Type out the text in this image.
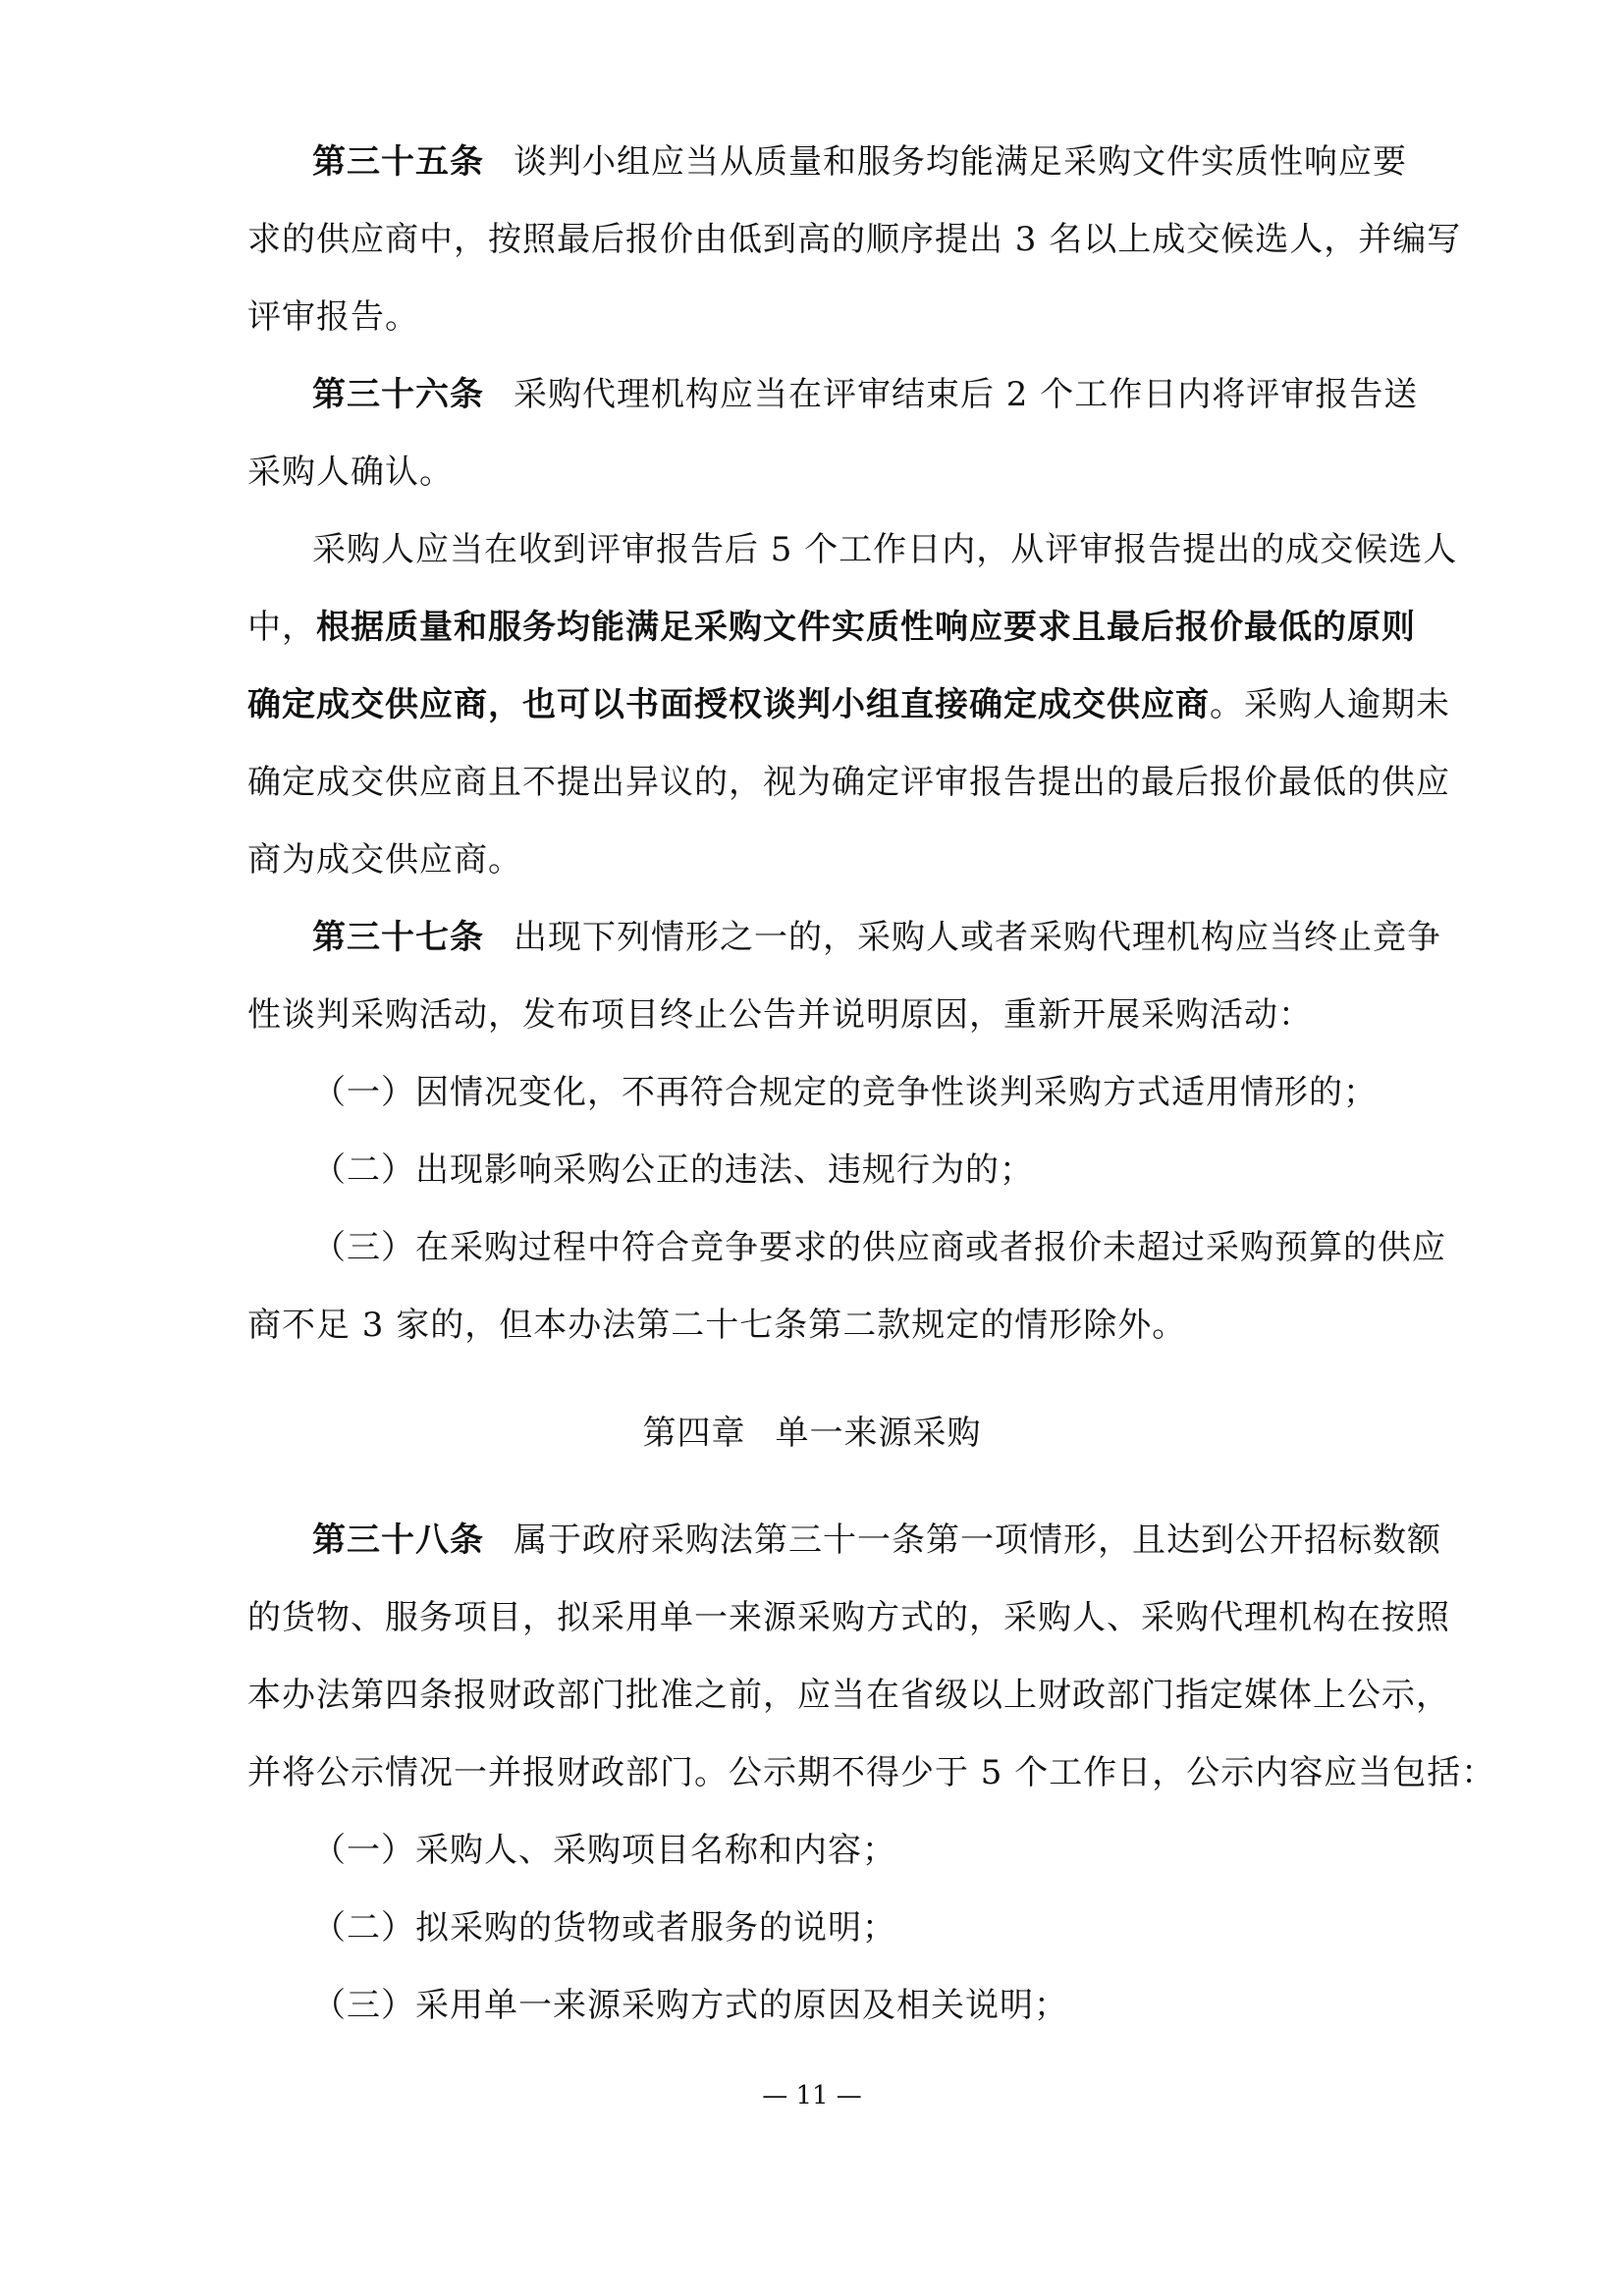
第三十五条 谈判小组应当从质量和服务均能满足采购文件实质性响应要
求的供应商中，按照最后报价由低到高的顺序提出 3 名以上成交候选人，并编写
评审报告。
第三十六条 采购代理机构应当在评审结束后 2 个工作日内将评审报告送
采购人确认。
采购人应当在收到评审报告后 5 个工作日内，从评审报告提出的成交候选人
中，根据质量和服务均能满足采购文件实质性响应要求且最后报价最低的原则
确定成交供应商，也可以书面授权谈判小组直接确定成交供应商。采购人逾期未
确定成交供应商且不提出异议的，视为确定评审报告提出的最后报价最低的供应
商为成交供应商。
第三十七条 出现下列情形之一的，采购人或者采购代理机构应当终止竞争
性谈判采购活动，发布项目终止公告并说明原因，重新开展采购活动：
（一）因情况变化，不再符合规定的竞争性谈判采购方式适用情形的；
（二）出现影响采购公正的违法、违规行为的；
（三）在采购过程中符合竞争要求的供应商或者报价未超过采购预算的供应
商不足 3 家的，但本办法第二十七条第二款规定的情形除外。
第四章 单一来源采购
第三十八条 属于政府采购法第三十一条第一项情形，且达到公开招标数额
的货物、服务项目，拟采用单一来源采购方式的，采购人、采购代理机构在按照
本办法第四条报财政部门批准之前，应当在省级以上财政部门指定媒体上公示，
并将公示情况一并报财政部门。公示期不得少于 5 个工作日，公示内容应当包括：
（一）采购人、采购项目名称和内容；
（二）拟采购的货物或者服务的说明；
（三）采用单一来源采购方式的原因及相关说明；
— 11 —
